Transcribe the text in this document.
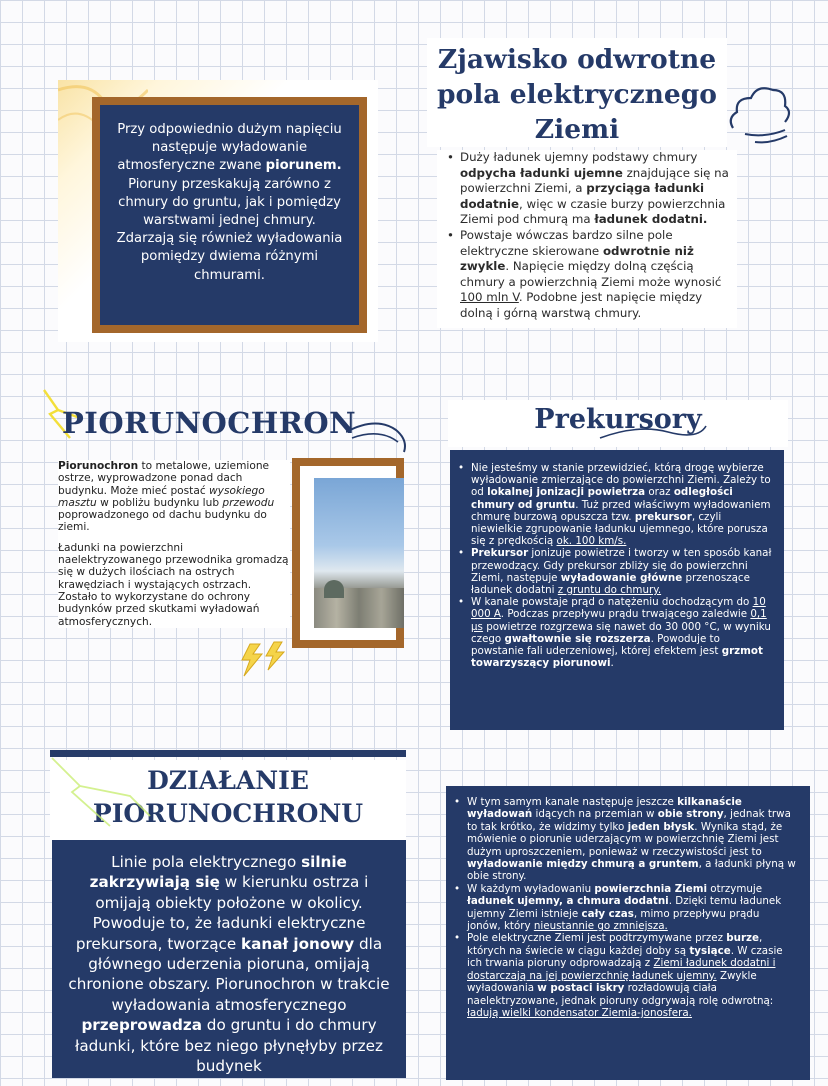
Przy odpowiednio dużym napięciu następuje wyładowanie atmosferyczne zwane piorunem.
Pioruny przeskakują zarówno z chmury do gruntu, jak i pomiędzy warstwami jednej chmury.
Zdarzają się również wyładowania pomiędzy dwiema różnymi chmurami.
Zjawisko odwrotne pola elektrycznego Ziemi
• Duży ładunek ujemny podstawy chmury odpycha ładunki ujemne znajdujące się na powierzchni Ziemi, a przyciąga ładunki dodatnie, więc w czasie burzy powierzchnia Ziemi pod chmurą ma ładunek dodatni.
• Powstaje wówczas bardzo silne pole elektryczne skierowane odwrotnie niż zwykle. Napięcie między dolną częścią chmury a powierzchnią Ziemi może wynosić 100 mln V. Podobne jest napięcie między dolną i górną warstwą chmury.
PIORUNOCHRON

Piorunochron to metalowe, uziemione ostrze, wyprowadzone ponad dach budynku. Może mieć postać wysokiego masztu w pobliżu budynku lub przewodu poprowadzonego od dachu budynku do ziemi.

Ładunki na powierzchni naelektryzowanego przewodnika gromadzą się w dużych ilościach na ostrych krawędziach i wystających ostrzach.

Zostało to wykorzystane do ochrony budynków przed skutkami wyładowań atmosferycznych.

Prekursory
• Nie jesteśmy w stanie przewidzieć, którą drogę wybierze wyładowanie zmierzające do powierzchni Ziemi. Zależy to od lokalnej jonizacji powietrza oraz odległości chmury od gruntu. Tuż przed właściwym wyładowaniem chmurę burzową opuszcza tzw. prekursor, czyli niewielkie zgrupowanie ładunku ujemnego, które porusza się z prędkością ok. 100 km/s.
• Prekursor jonizuje powietrze i tworzy w ten sposób kanał przewodzący. Gdy prekursor zbliży się do powierzchni Ziemi, następuje wyładowanie główne przenoszące ładunek dodatni z gruntu do chmury.
• W kanale powstaje prąd o natężeniu dochodzącym do 10 000 A. Podczas przepływu prądu trwającego zaledwie 0,1 µs powietrze rozgrzewa się nawet do 30 000 °C, w wyniku czego gwałtownie się rozszerza. Powoduje to powstanie fali uderzeniowej, której efektem jest grzmot towarzyszący piorunowi.
DZIAŁANIE
PIORUNOCHRONU
Linie pola elektrycznego silnie zakrzywiają się w kierunku ostrza i omijają obiekty położone w okolicy. Powoduje to, że ładunki elektryczne prekursora, tworzące kanał jonowy dla głównego uderzenia pioruna, omijają chronione obszary. Piorunochron w trakcie wyładowania atmosferycznego przeprowadza do gruntu i do chmury ładunki, które bez niego płynęłyby przez budynek
• W tym samym kanale następuje jeszcze kilkanaście wyładowań idących na przemian w obie strony, jednak trwa to tak krótko, że widzimy tylko jeden błysk. Wynika stąd, że mówienie o piorunie uderzającym w powierzchnię Ziemi jest dużym uproszczeniem, ponieważ w rzeczywistości jest to wyładowanie między chmurą a gruntem, a ładunki płyną w obie strony.
• W każdym wyładowaniu powierzchnia Ziemi otrzymuje ładunek ujemny, a chmura dodatni. Dzięki temu ładunek ujemny Ziemi istnieje cały czas, mimo przepływu prądu jonów, który nieustannie go zmniejsza.
• Pole elektryczne Ziemi jest podtrzymywane przez burze, których na świecie w ciągu każdej doby są tysiące. W czasie ich trwania pioruny odprowadzają z Ziemi ładunek dodatni i dostarczają na jej powierzchnię ładunek ujemny. Zwykle wyładowania w postaci iskry rozładowują ciała naelektryzowane, jednak pioruny odgrywają rolę odwrotną: ładują wielki kondensator Ziemia-jonosfera.
